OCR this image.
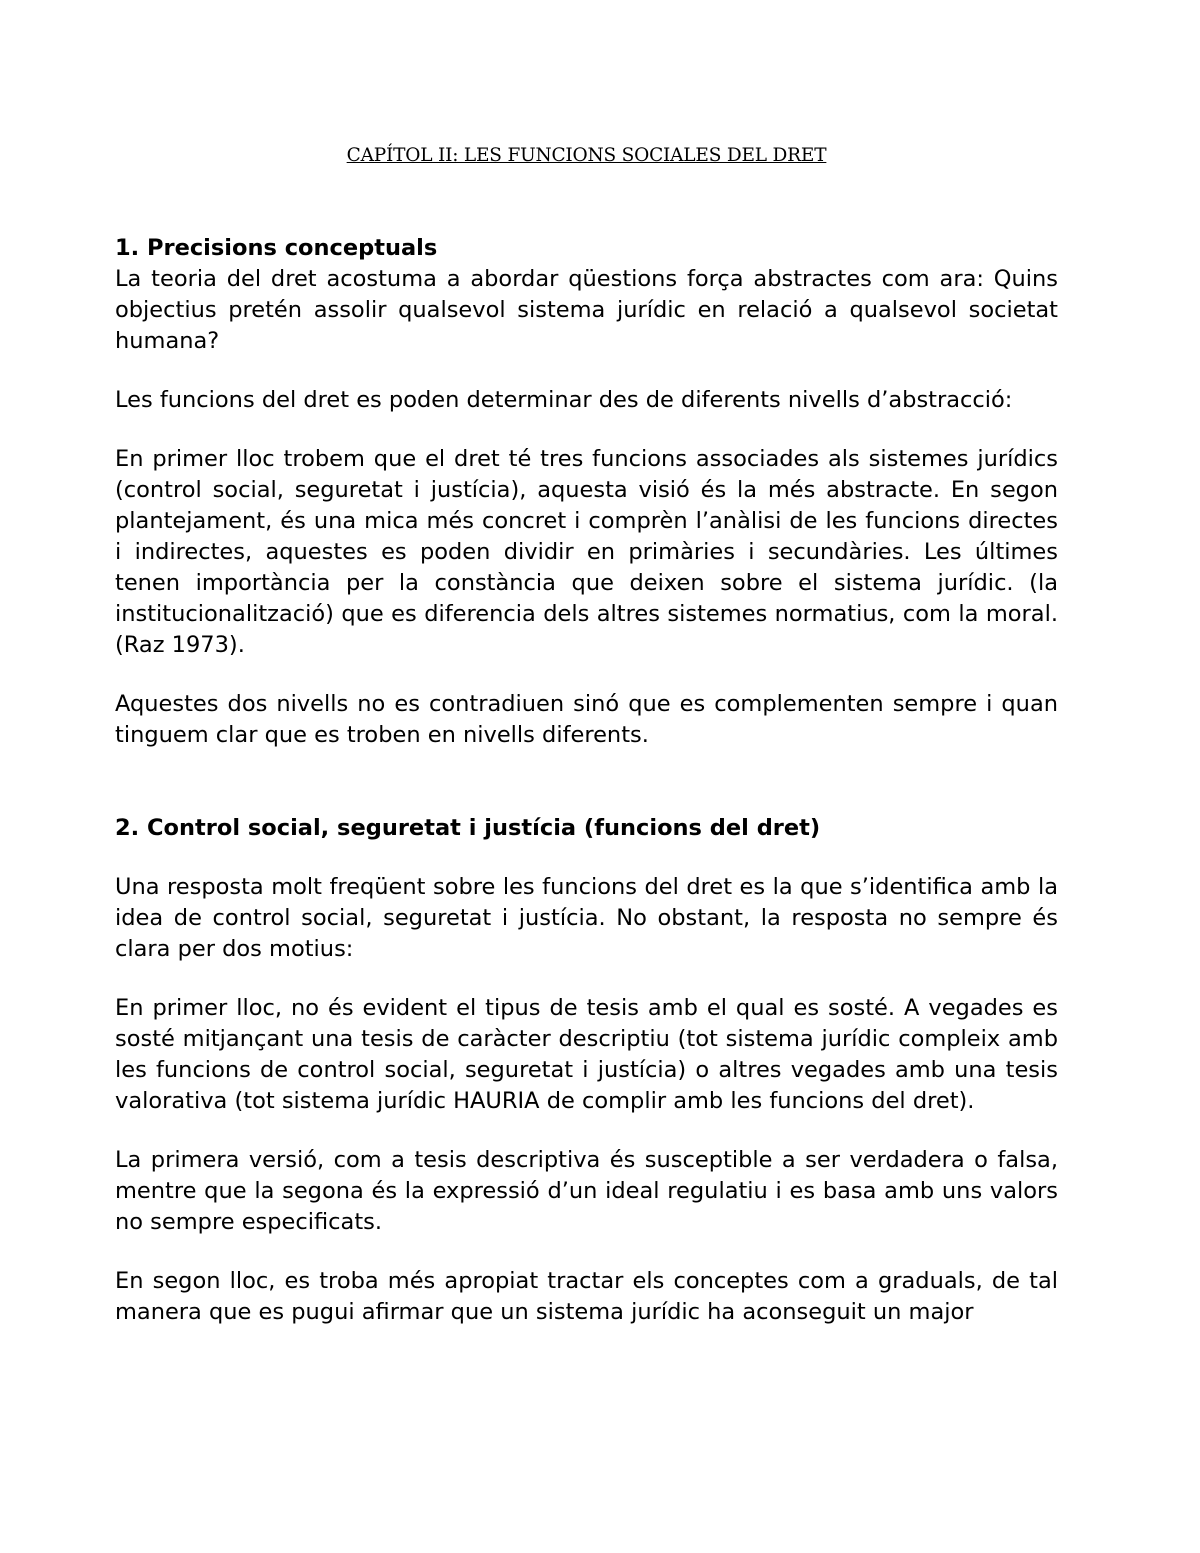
CAPÍTOL II: LES FUNCIONS SOCIALES DEL DRET
1. Precisions conceptuals

La teoria del dret acostuma a abordar qüestions força abstractes com ara: Quins objectius pretén assolir qualsevol sistema jurídic en relació a qualsevol societat humana?

Les funcions del dret es poden determinar des de diferents nivells d’abstracció:

En primer lloc trobem que el dret té tres funcions associades als sistemes jurídics (control social, seguretat i justícia), aquesta visió és la més abstracte. En segon plantejament, és una mica més concret i comprèn l’anàlisi de les funcions directes i indirectes, aquestes es poden dividir en primàries i secundàries. Les últimes tenen importància per la constància que deixen sobre el sistema jurídic. (la institucionalització) que es diferencia dels altres sistemes normatius, com la moral. (Raz 1973).

Aquestes dos nivells no es contradiuen sinó que es complementen sempre i quan tinguem clar que es troben en nivells diferents.

2. Control social, seguretat i justícia (funcions del dret)

Una resposta molt freqüent sobre les funcions del dret es la que s’identifica amb la idea de control social, seguretat i justícia. No obstant, la resposta no sempre és clara per dos motius:

En primer lloc, no és evident el tipus de tesis amb el qual es sosté. A vegades es sosté mitjançant una tesis de caràcter descriptiu (tot sistema jurídic compleix amb les funcions de control social, seguretat i justícia) o altres vegades amb una tesis valorativa (tot sistema jurídic HAURIA de complir amb les funcions del dret).

La primera versió, com a tesis descriptiva és susceptible a ser verdadera o falsa, mentre que la segona és la expressió d’un ideal regulatiu i es basa amb uns valors no sempre especificats.

En segon lloc, es troba més apropiat tractar els conceptes com a graduals, de tal manera que es pugui afirmar que un sistema jurídic ha aconseguit un major
